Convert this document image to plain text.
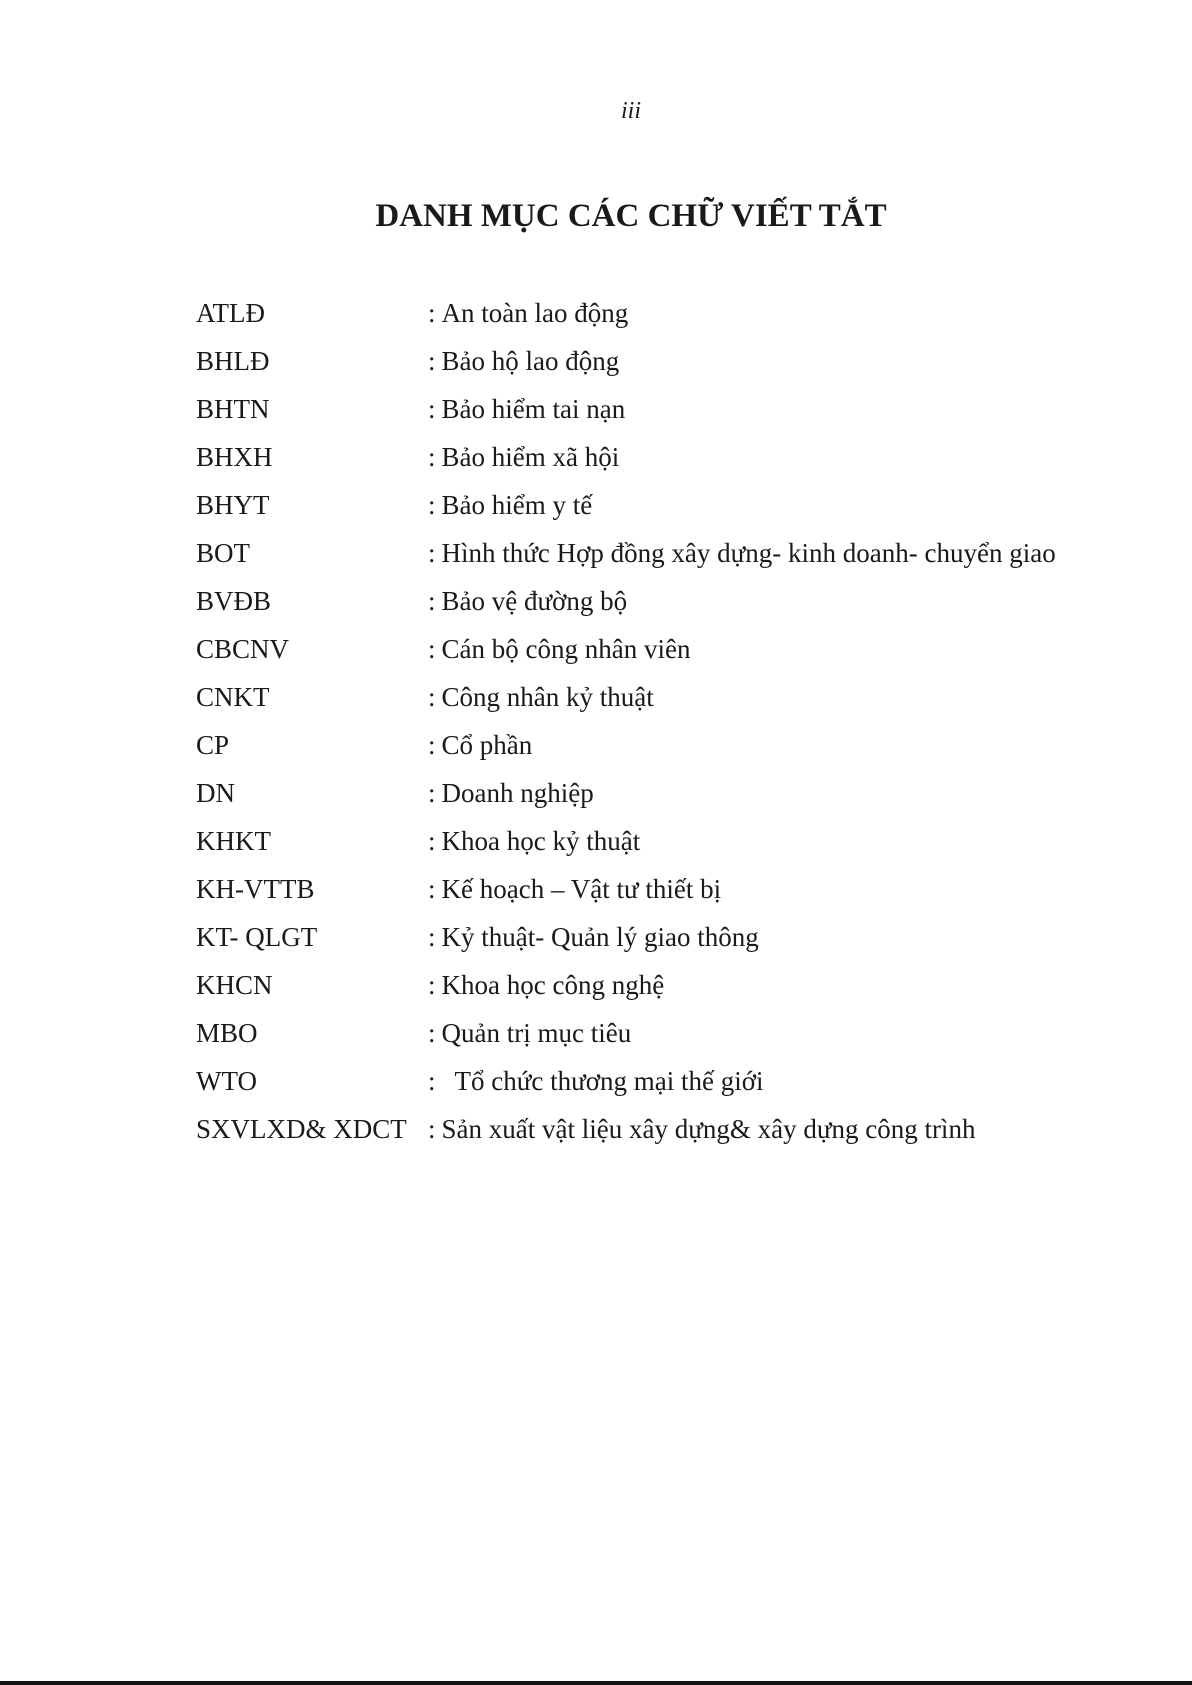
iii
DANH MỤC CÁC CHỮ VIẾT TẮT
ATLĐ	: An toàn lao động
BHLĐ	: Bảo hộ lao động
BHTN	: Bảo hiểm tai nạn
BHXH	: Bảo hiểm xã hội
BHYT	: Bảo hiểm y tế
BOT	: Hình thức Hợp đồng xây dựng- kinh doanh- chuyển giao
BVĐB	: Bảo vệ đường bộ
CBCNV	: Cán bộ công nhân viên
CNKT	: Công nhân kỷ thuật
CP	: Cổ phần
DN	: Doanh nghiệp
KHKT	: Khoa học kỷ thuật
KH-VTTB	: Kế hoạch – Vật tư thiết bị
KT- QLGT	: Kỷ thuật- Quản lý giao thông
KHCN	: Khoa học công nghệ
MBO	: Quản trị mục tiêu
WTO	:  Tổ chức thương mại thế giới
SXVLXD& XDCT : Sản xuất vật liệu xây dựng& xây dựng công trình
